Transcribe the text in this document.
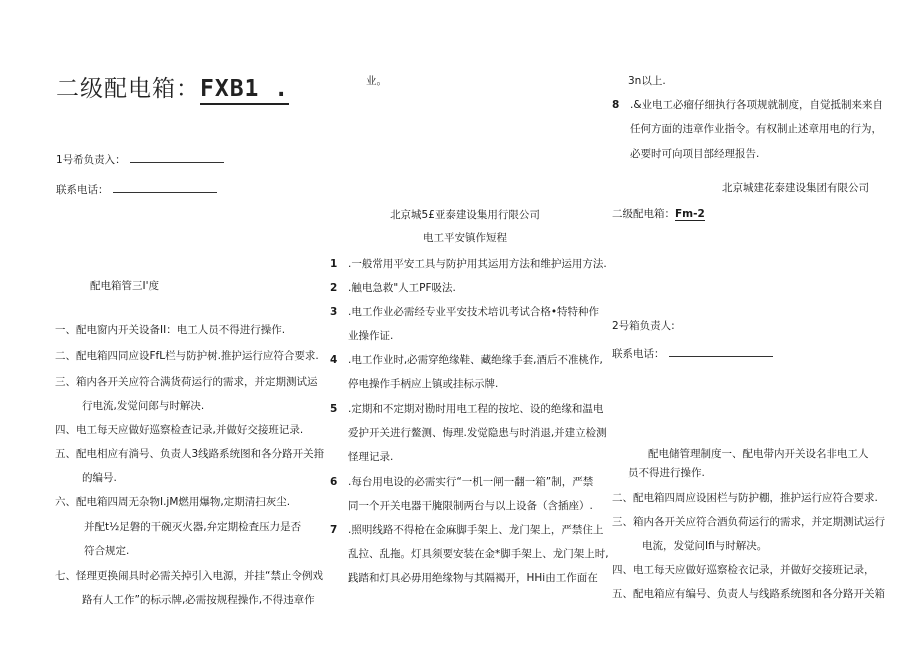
二级配电箱：FXB1 .
1号希负责入：
联系电话：
配电箱管三I'度
一、配电窗内开关设备II：电工人员不得进行操作.
二、配电箱四同应设FfL栏与防护树.推护运行应符合要求.
三、箱内各开关应符合满货荷运行的需求，并定期测试运
行电流,发觉问郎与时解决.
四、电工每天应做好巡察检查记录,并做好交接班记录.
五、配电相应有淌号、负责人3线路系统图和各分路开关箝
的编号.
六、配电箱四周无杂物I.jM燃用爆物,定期清扫灰尘.
并配t½足磐的干碗灭火器,弁定期检査压力是否
符合规定.
七、怪理更换闹具时必需关掉引入电源，并挂“禁止令例戏
路有人工作”的标示牌,必需按规程操作,不得违章作
业。
北京城5£亚泰建设集用行限公司
电工平安镇作短程
1 .一般常用平安工具与防护用其运用方法和维护运用方法.
2 .触电急救"人工PF吸法.
3 .电工作业必需经专业平安技术培讥考试合格•特特种作
业操作证.
4 .电工作业时,必需穿绝缘鞋、藏绝缘手套,酒后不准桃作,
停电操作手柄应上镇或挂标示牌.
5 .定期和不定期对勘时用电工程的按坨、设的绝缘和温电
爱护开关进行鳌测、悔理.发觉隐患与时消退,并建立检测
怪理记录.
6 .每台用电设的必需实行“一机一闸一翻一箱”制，严禁
同一个开关电器干腌限制两台与以上设备（含插座）.
7 .照明线路不得枪在金麻脚手架上、龙门架上，严禁住上
乱拉、乱拖。灯具须要安装在金*脚手架上、龙门架上时,
践踏和灯具必毋用绝缘物与其隔褐开，HHi由工作面在
3n以上.
8 .&业电工必瘤仔细执行各项规就制度，自觉抵制来来自
任何方面的违章作业指令。有权制止述章用电的行为，
必要时可向项目部经理报告.
北京城建花泰建设集团有限公司
二级配电箱：Fm-2
2号箱负责人:
联系电话：
配电储管理制度一、配电带内开关设名非电工人
员不得进行操作.
二、配电箱四周应设困栏与防护棚，推护运行应符合要求.
三、箱内各开关应符合酒负荷运行的需求，并定期测试运行
电流，发觉问Ifi与时解决。
四、电工每天应做好巡察检衣记录，并做好交接班记录，
五、配电箱应有编号、负责人与线路系统图和各分路开关箱
